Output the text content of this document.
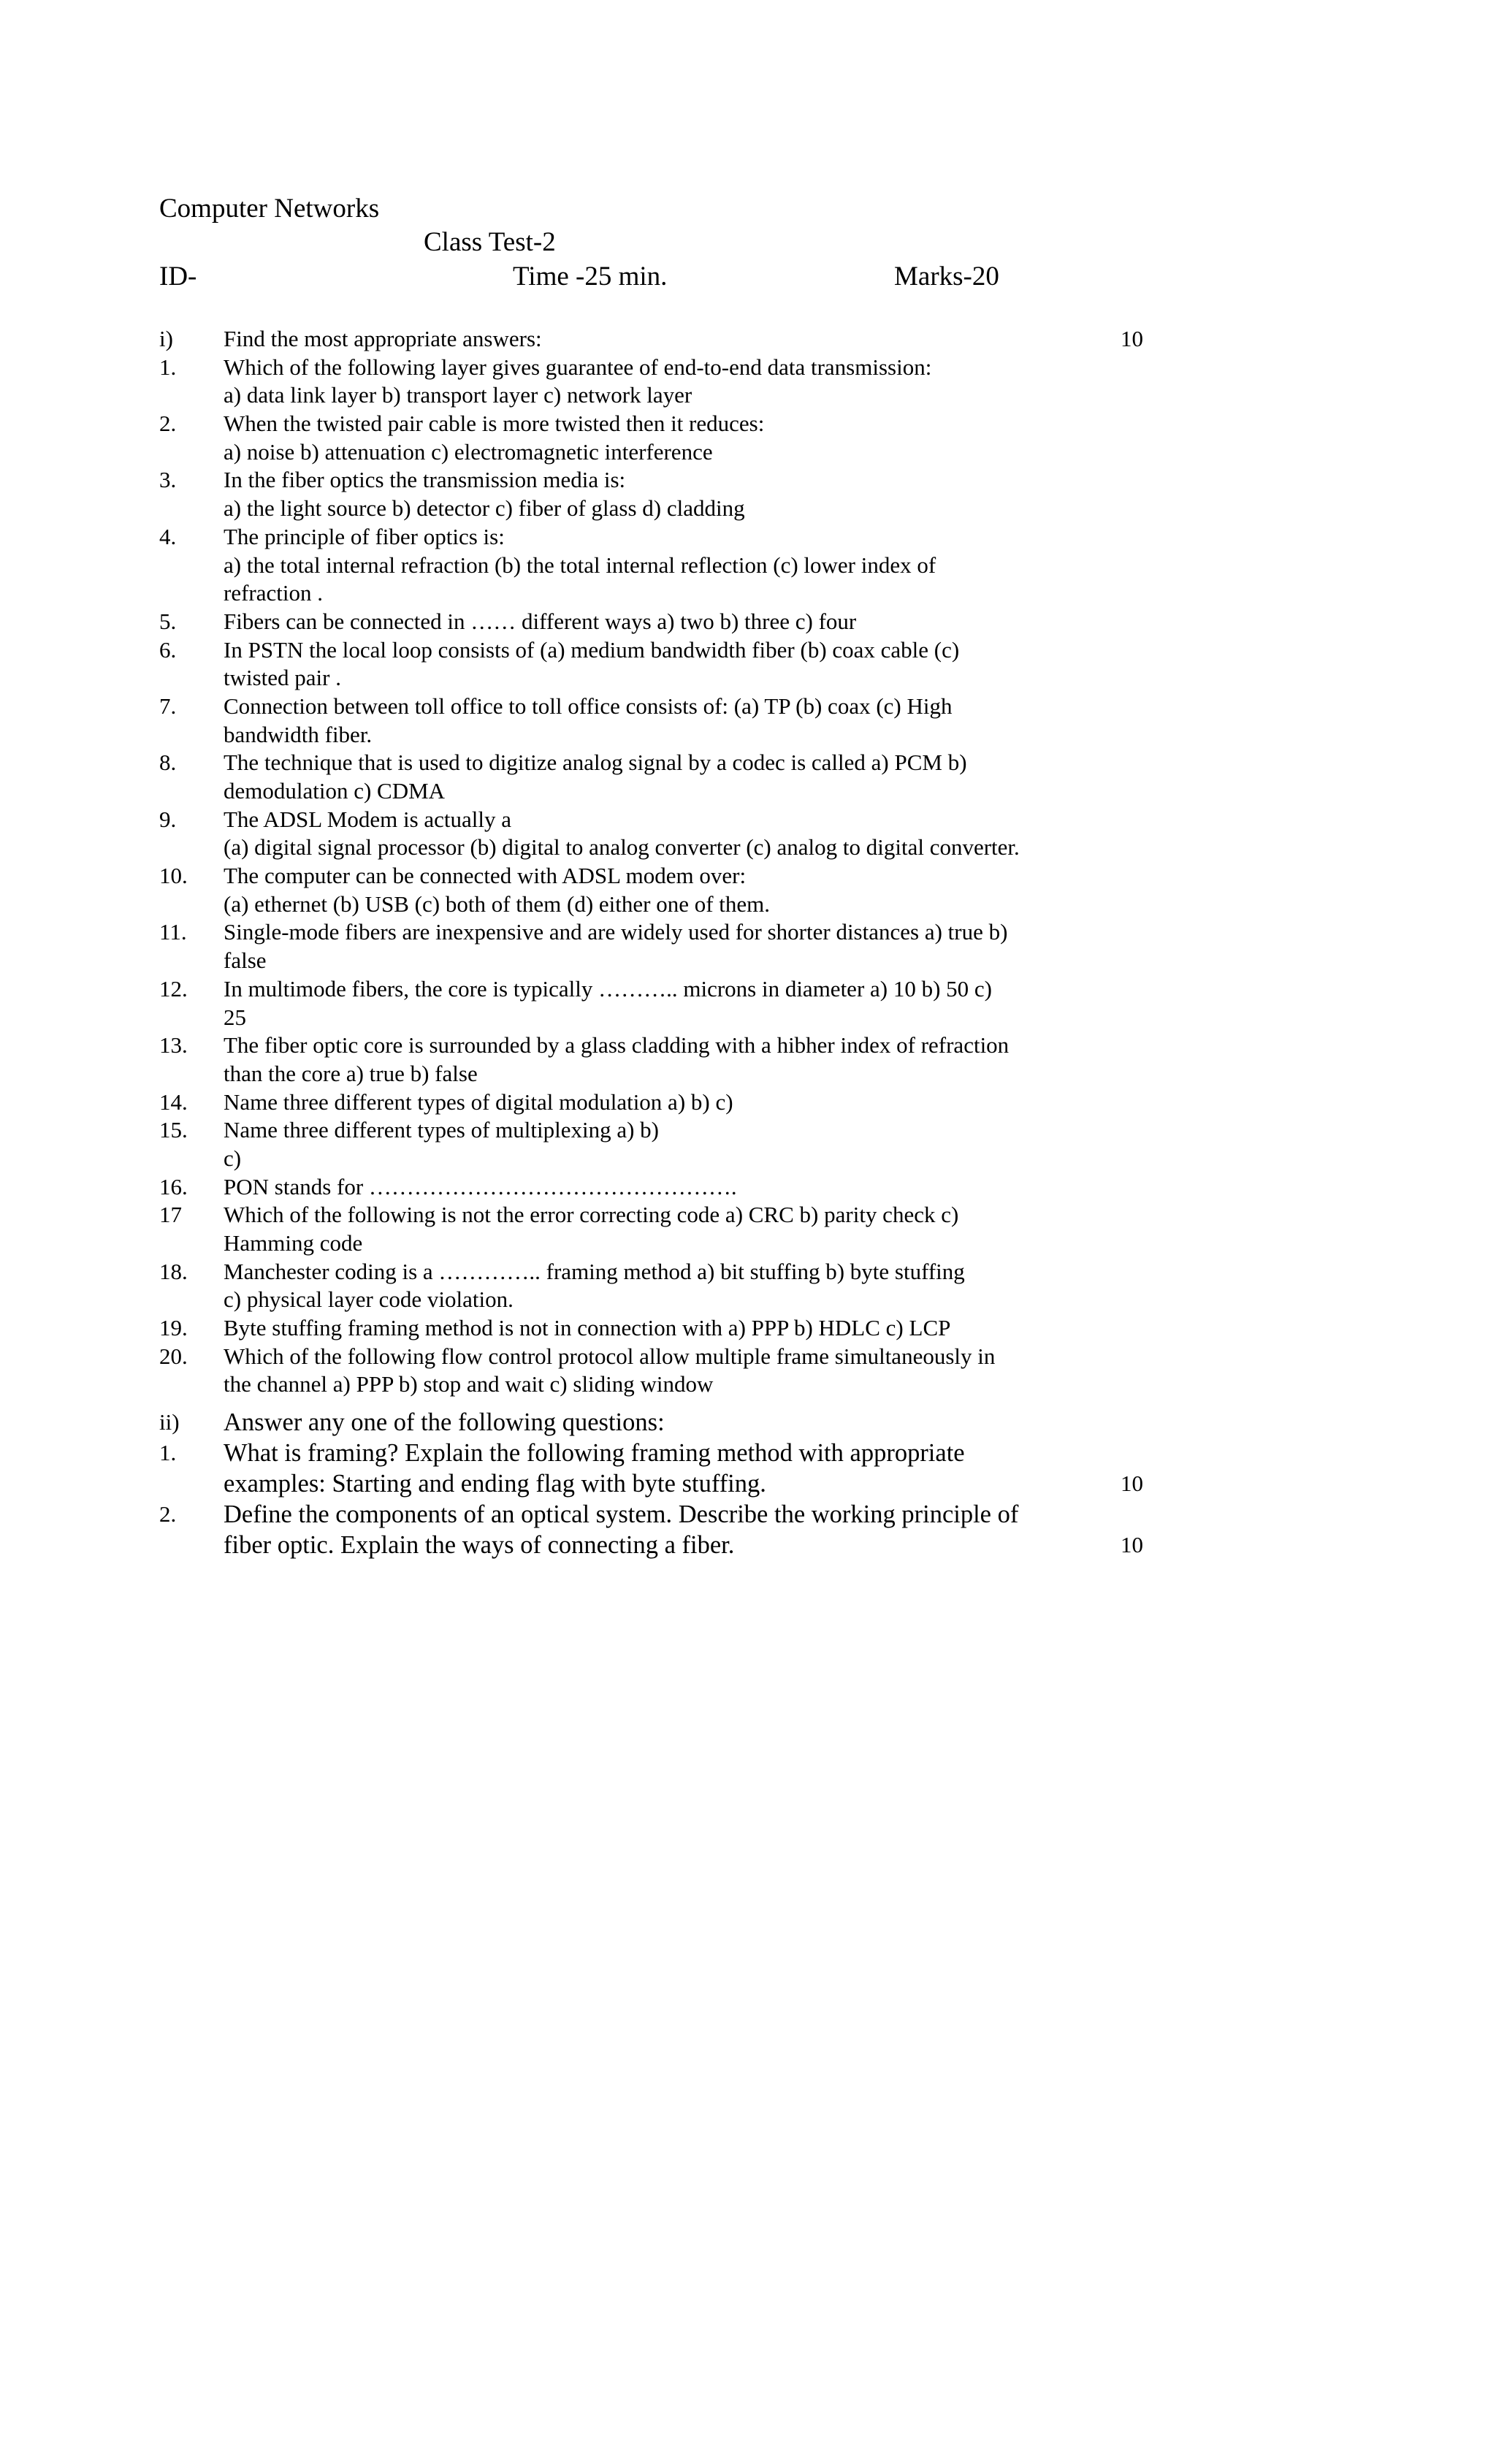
Computer Networks
Class Test-2
ID-	Time -25 min.	Marks-20
i) Find the most appropriate answers:	10
1. Which of the following layer gives guarantee of end-to-end data transmission:
a) data link layer b) transport layer c) network layer
2. When the twisted pair cable is more twisted then it reduces:
a) noise b) attenuation c) electromagnetic interference
3. In the fiber optics the transmission media is:
a) the light source b) detector c) fiber of glass d) cladding
4. The principle of fiber optics is:
a) the total internal refraction (b) the total internal reflection (c) lower index of
refraction .
5. Fibers can be connected in …… different ways a) two b) three c) four
6. In PSTN the local loop consists of (a) medium bandwidth fiber (b) coax cable (c)
twisted pair .
7. Connection between toll office to toll office consists of: (a) TP (b) coax (c) High
bandwidth fiber.
8. The technique that is used to digitize analog signal by a codec is called a) PCM b)
demodulation c) CDMA
9. The ADSL Modem is actually a
(a) digital signal processor (b) digital to analog converter (c) analog to digital converter.
10. The computer can be connected with ADSL modem over:
(a) ethernet (b) USB (c) both of them (d) either one of them.
11. Single-mode fibers are inexpensive and are widely used for shorter distances a) true b)
false
12. In multimode fibers, the core is typically ……….. microns in diameter a) 10 b) 50 c)
25
13. The fiber optic core is surrounded by a glass cladding with a hibher index of refraction
than the core a) true b) false
14. Name three different types of digital modulation a) b) c)
15. Name three different types of multiplexing a) b)
c)
16. PON stands for ………………………………………….
17 Which of the following is not the error correcting code a) CRC b) parity check c)
Hamming code
18. Manchester coding is a ………….. framing method a) bit stuffing b) byte stuffing
c) physical layer code violation.
19. Byte stuffing framing method is not in connection with a) PPP b) HDLC c) LCP
20. Which of the following flow control protocol allow multiple frame simultaneously in
the channel a) PPP b) stop and wait c) sliding window
ii) Answer any one of the following questions:
1. What is framing? Explain the following framing method with appropriate
examples: Starting and ending flag with byte stuffing.	10
2. Define the components of an optical system. Describe the working principle of
fiber optic. Explain the ways of connecting a fiber.	10
